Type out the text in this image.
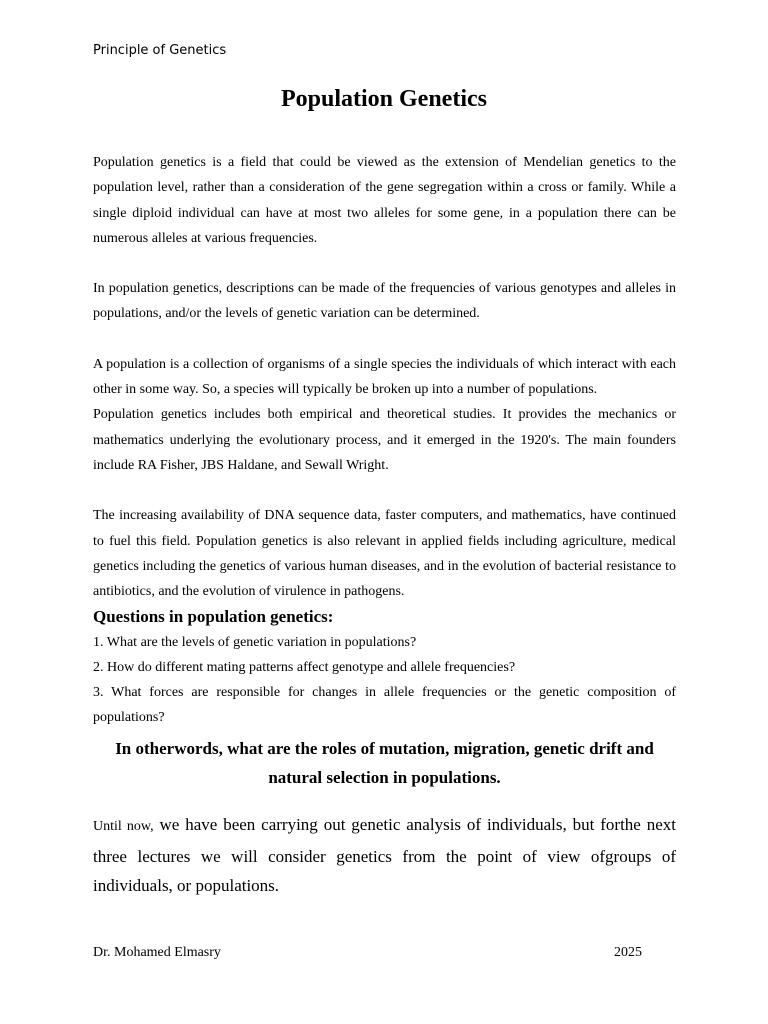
Principle of Genetics
Population Genetics

Population genetics is a field that could be viewed as the extension of Mendelian genetics to the population level, rather than a consideration of the gene segregation within a cross or family. While a single diploid individual can have at most two alleles for some gene, in a population there can be numerous alleles at various frequencies.

In population genetics, descriptions can be made of the frequencies of various genotypes and alleles in populations, and/or the levels of genetic variation can be determined.

A population is a collection of organisms of a single species the individuals of which interact with each other in some way. So, a species will typically be broken up into a number of populations.

Population genetics includes both empirical and theoretical studies. It provides the mechanics or mathematics underlying the evolutionary process, and it emerged in the 1920's. The main founders include RA Fisher, JBS Haldane, and Sewall Wright.

The increasing availability of DNA sequence data, faster computers, and mathematics, have continued to fuel this field. Population genetics is also relevant in applied fields including agriculture, medical genetics including the genetics of various human diseases, and in the evolution of bacterial resistance to antibiotics, and the evolution of virulence in pathogens.

Questions in population genetics:

1. What are the levels of genetic variation in populations?
2. How do different mating patterns affect genotype and allele frequencies?
3. What forces are responsible for changes in allele frequencies or the genetic composition of populations?

In otherwords, what are the roles of mutation, migration, genetic drift and natural selection in populations.

Until now, we have been carrying out genetic analysis of individuals, but forthe next three lectures we will consider genetics from the point of view ofgroups of individuals, or populations.

Dr. Mohamed Elmasry	2025
